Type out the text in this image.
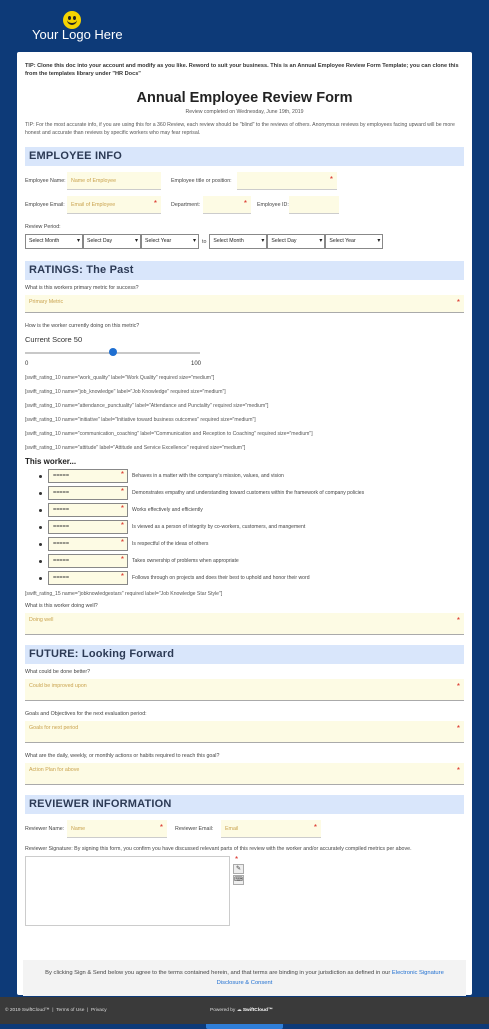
Your Logo Here
TIP: Clone this doc into your account and modify as you like. Reword to suit your business. This is an Annual Employee Review Form Template; you can clone this from the templates library under "HR Docs"
Annual Employee Review Form
Review completed on Wednesday, June 19th, 2019
TIP: For the most accurate info, if you are using this for a 360 Review, each review should be "blind" to the reviews of others. Anonymous reviews by employees facing upward will be more honest and accurate than reviews by specific workers who may fear reprisal.
EMPLOYEE INFO
Employee Name:	Name of Employee	Employee title or position:
*
Employee Email:	Email of Employee *	Department:
*	Employee ID:
Review Period:
Select Month ▾	Select Day ▾	Select Year ▾	to	Select Month ▾	Select Day ▾	Select Year ▾
RATINGS: The Past
What is this workers primary metric for success?
Primary Metric *
How is the worker currently doing on this metric?
Current Score 50
0	100
[swift_rating_10 name="work_quality" label="Work Quality" required size="medium"]
[swift_rating_10 name="job_knowledge" label="Job Knowledge" required size="medium"]
[swift_rating_10 name="attendance_punctuality" label="Attendance and Punctality" required size="medium"]
[swift_rating_10 name="initiative" label="Initiative toward business outcomes" required size="medium"]
[swift_rating_10 name="communication_coaching" label="Communication and Reception to Coaching" required size="medium"]
[swift_rating_10 name="attitude" label="Attitude and Service Excellence" required size="medium"]
This worker...
===== *	Behaves in a matter with the company's mission, values, and vision
===== *	Demonstrates empathy and understanding toward customers within the framework of company policies
===== *	Works effectively and efficiently
===== *	Is viewed as a person of integrity by co-workers, customers, and mangement
===== *	Is respectful of the ideas of others
===== *	Takes ownership of problems when appropriate
===== *	Follows through on projects and does their best to uphold and honor their word
[swift_rating_15 name="jobknowledgestars" required label="Job Knowledge Star Style"]
What is this worker doing well?
Doing well *
FUTURE: Looking Forward
What could be done better?
Could be improved upon *
Goals and Objectives for the next evaluation period:
Goals for next period *
What are the daily, weekly, or monthly actions or habits required to reach this goal?
Action Plan for above *
REVIEWER INFORMATION
Reviewer Name:	Name *	Reviewer Email:	Email *
Reviewer Signature: By signing this form, you confirm you have discussed relevant parts of this review with the worker and/or accurately compiled metrics per above.
*
✎
⌨
By clicking Sign & Send below you agree to the terms contained herein, and that terms are binding in your jurisdiction as defined in our Electronic Signature Disclosure & Consent
© 2019 SwiftCloud™  |  Terms of Use  |  Privacy	Powered by ☁ SwiftCloud™
